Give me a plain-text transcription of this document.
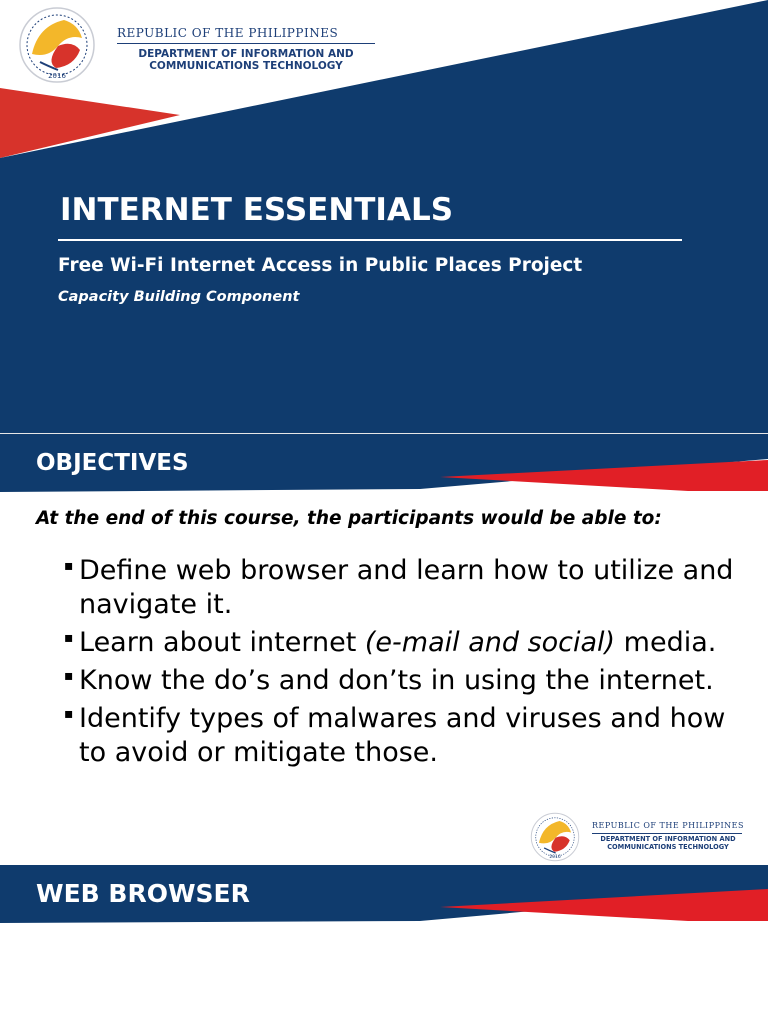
2016
REPUBLIC OF THE PHILIPPINES
DEPARTMENT OF INFORMATION AND
COMMUNICATIONS TECHNOLOGY
INTERNET ESSENTIALS
Free Wi-Fi Internet Access in Public Places Project
Capacity Building Component
OBJECTIVES
At the end of this course, the participants would be able to:
▪ Define web browser and learn how to utilize and
navigate it.
▪ Learn about internet (e-mail and social) media.
▪ Know the do’s and don’ts in using the internet.
▪ Identify types of malwares and viruses and how
to avoid or mitigate those.
2016
REPUBLIC OF THE PHILIPPINES
DEPARTMENT OF INFORMATION AND
COMMUNICATIONS TECHNOLOGY
WEB BROWSER
